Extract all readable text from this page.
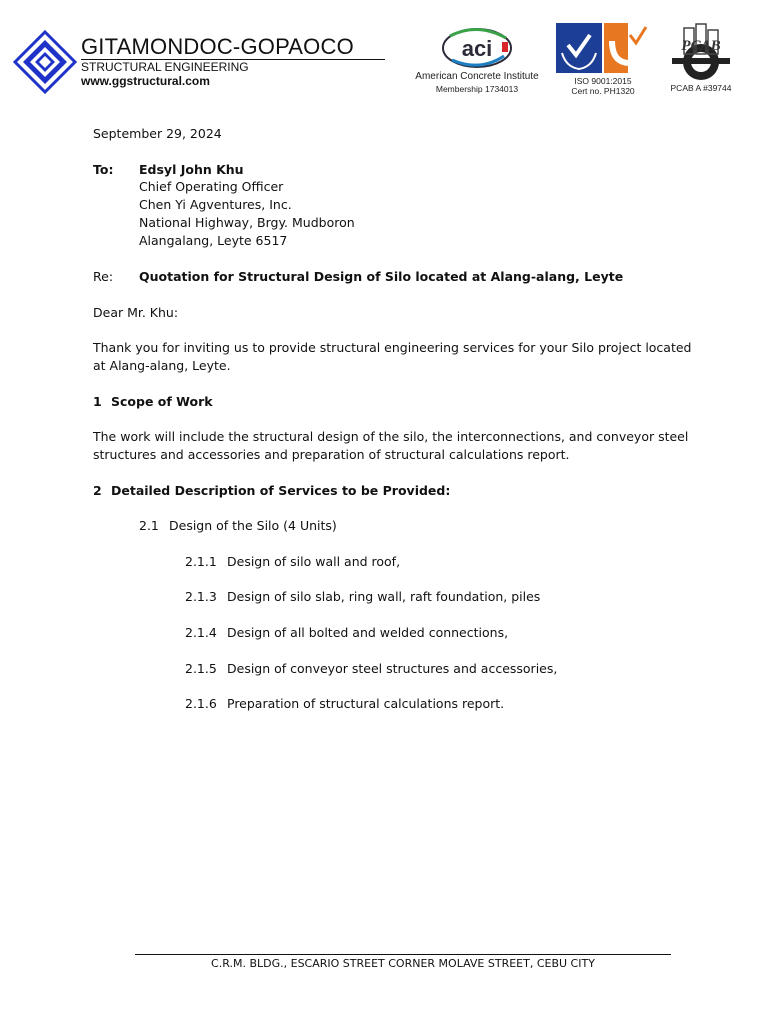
GITAMONDOC-GOPAOCO
STRUCTURAL ENGINEERING
www.ggstructural.com
aci
American Concrete Institute
Membership 1734013
ISO 9001:2015
Cert no. PH1320
PCAB
PCAB A #39744
September 29, 2024
To: Edsyl John Khu
Chief Operating Officer
Chen Yi Agventures, Inc.
National Highway, Brgy. Mudboron
Alangalang, Leyte 6517
Re: Quotation for Structural Design of Silo located at Alang-alang, Leyte
Dear Mr. Khu:
Thank you for inviting us to provide structural engineering services for your Silo project located at Alang-alang, Leyte.
1 Scope of Work
The work will include the structural design of the silo, the interconnections, and conveyor steel structures and accessories and preparation of structural calculations report.
2 Detailed Description of Services to be Provided:
2.1 Design of the Silo (4 Units)
2.1.1 Design of silo wall and roof,
2.1.3 Design of silo slab, ring wall, raft foundation, piles
2.1.4 Design of all bolted and welded connections,
2.1.5 Design of conveyor steel structures and accessories,
2.1.6 Preparation of structural calculations report.
C.R.M. BLDG., ESCARIO STREET CORNER MOLAVE STREET, CEBU CITY
